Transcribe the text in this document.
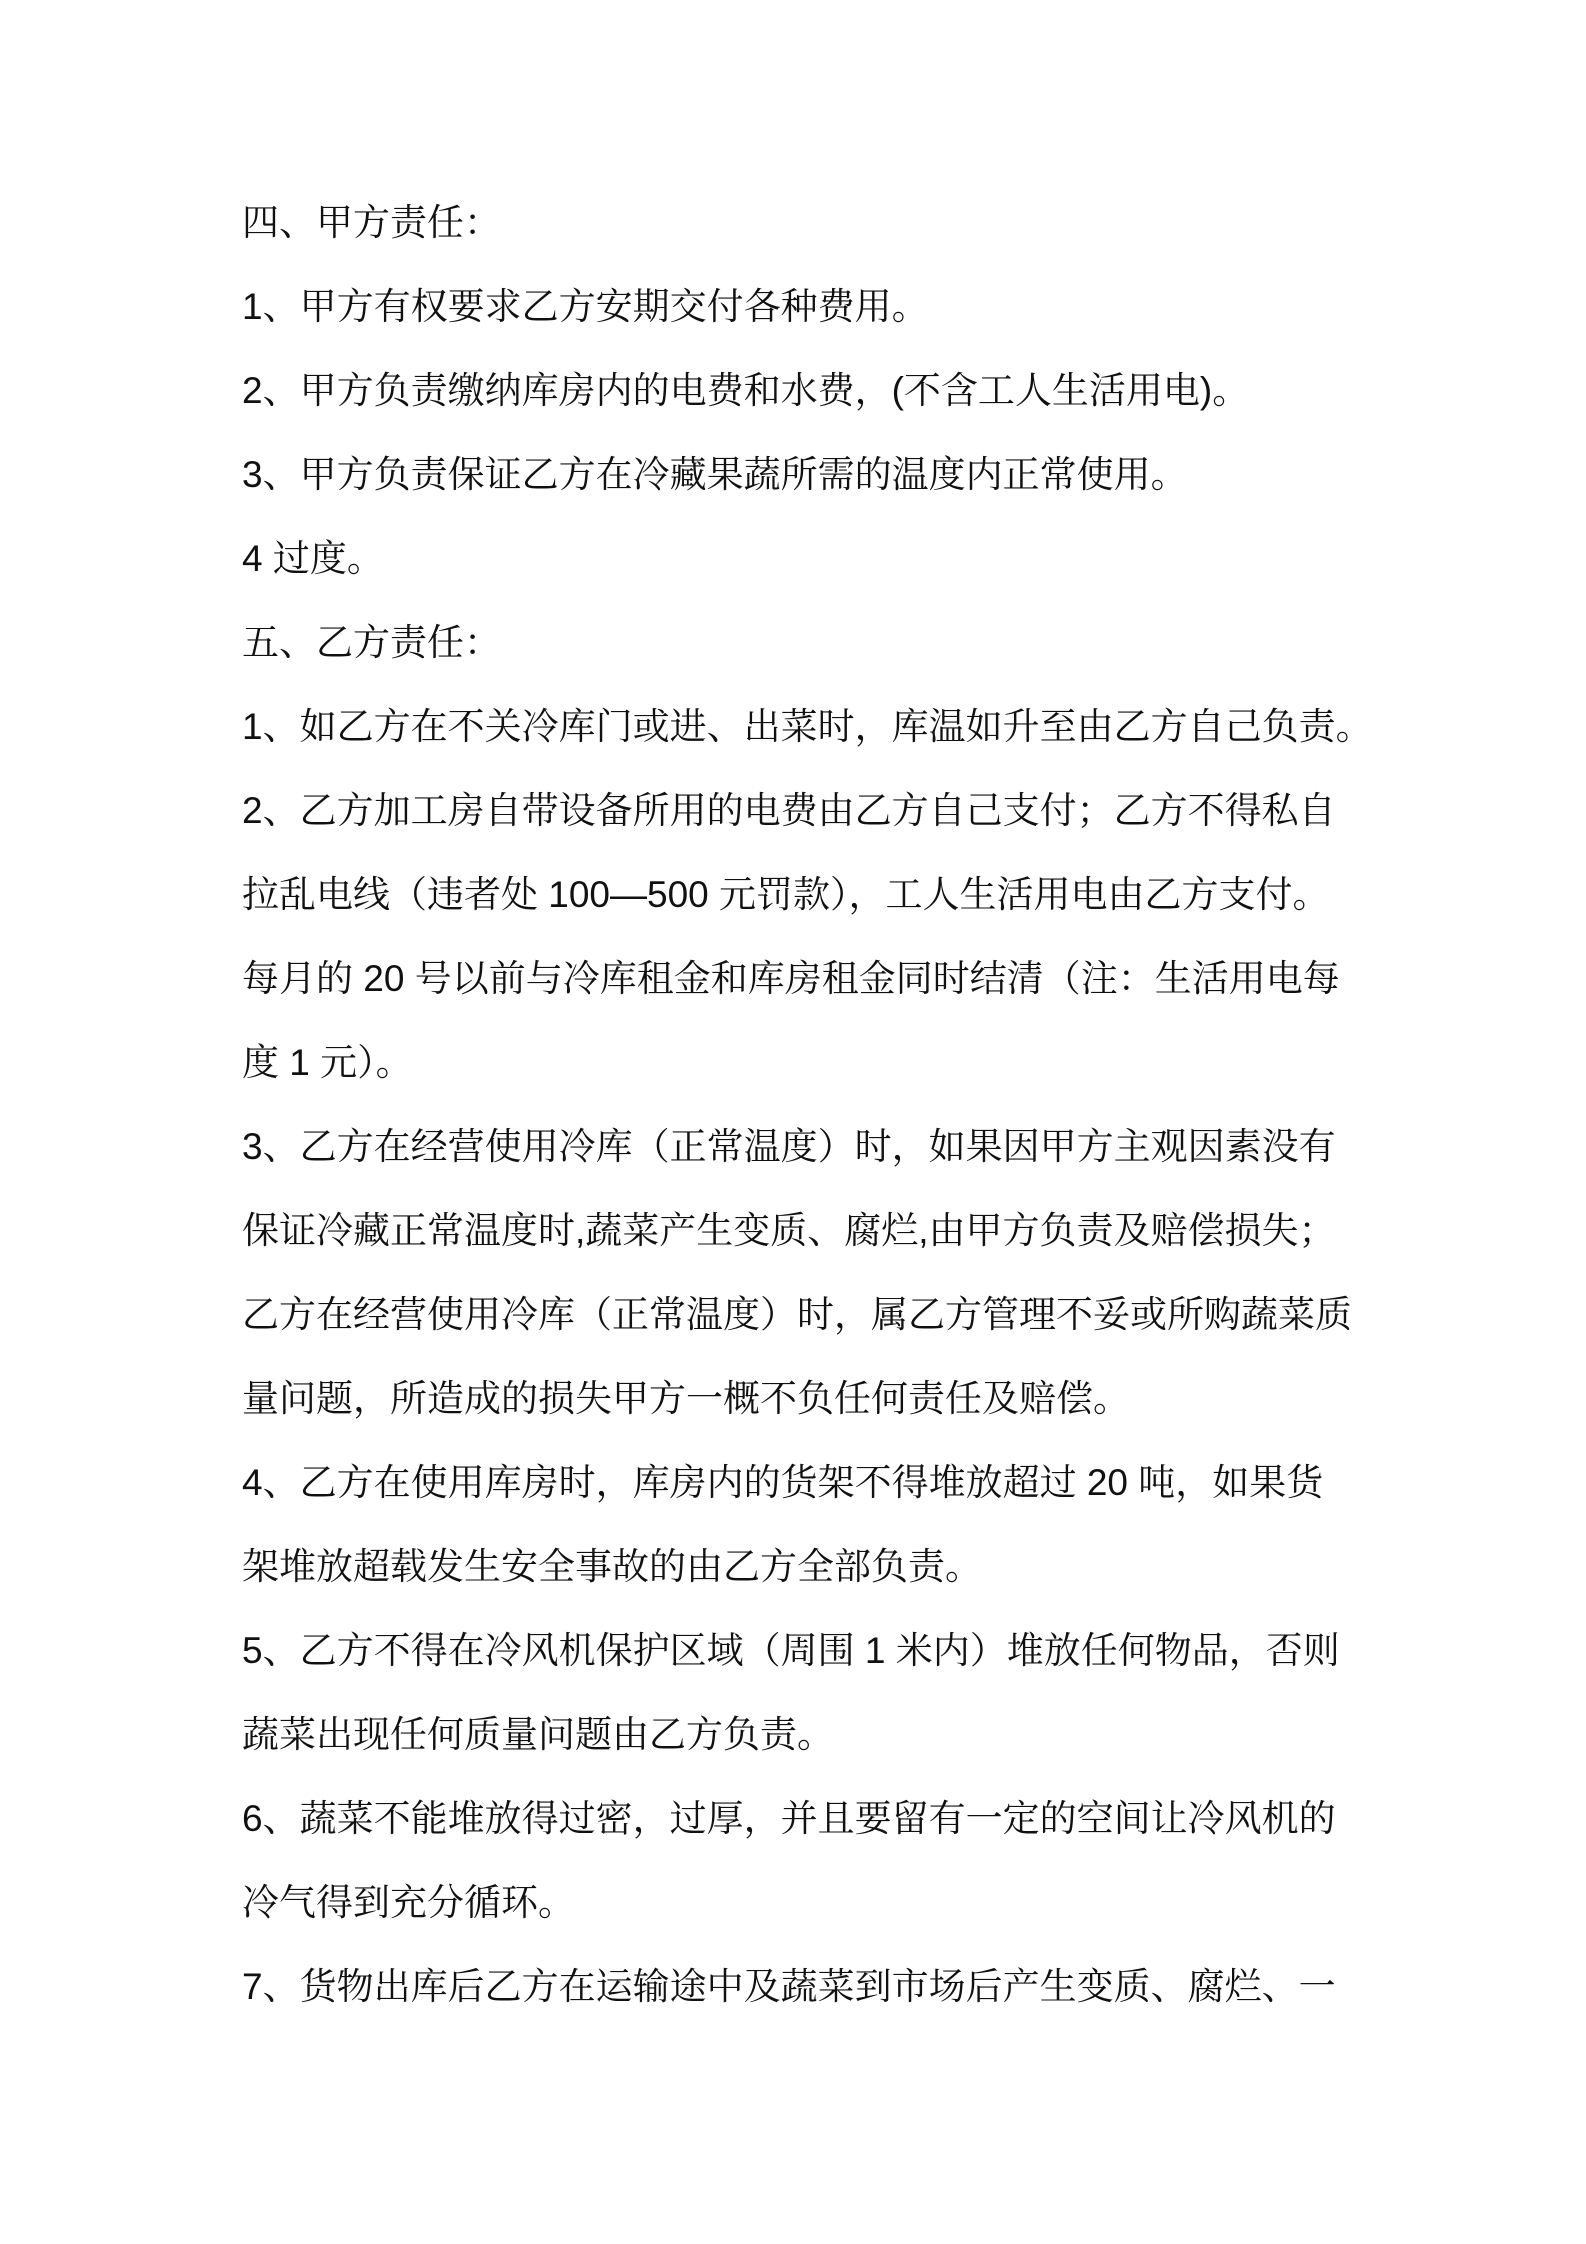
四、甲方责任：
1、甲方有权要求乙方安期交付各种费用。
2、甲方负责缴纳库房内的电费和水费，(不含工人生活用电)。
3、甲方负责保证乙方在冷藏果蔬所需的温度内正常使用。
4 过度。
五、乙方责任：
1、如乙方在不关冷库门或进、出菜时，库温如升至由乙方自己负责。
2、乙方加工房自带设备所用的电费由乙方自己支付；乙方不得私自
拉乱电线（违者处 100—500 元罚款），工人生活用电由乙方支付。
每月的 20 号以前与冷库租金和库房租金同时结清（注：生活用电每
度 1 元）。
3、乙方在经营使用冷库（正常温度）时，如果因甲方主观因素没有
保证冷藏正常温度时,蔬菜产生变质、腐烂,由甲方负责及赔偿损失；
乙方在经营使用冷库（正常温度）时，属乙方管理不妥或所购蔬菜质
量问题，所造成的损失甲方一概不负任何责任及赔偿。
4、乙方在使用库房时，库房内的货架不得堆放超过 20 吨，如果货
架堆放超载发生安全事故的由乙方全部负责。
5、乙方不得在冷风机保护区域（周围 1 米内）堆放任何物品，否则
蔬菜出现任何质量问题由乙方负责。
6、蔬菜不能堆放得过密，过厚，并且要留有一定的空间让冷风机的
冷气得到充分循环。
7、货物出库后乙方在运输途中及蔬菜到市场后产生变质、腐烂、一
